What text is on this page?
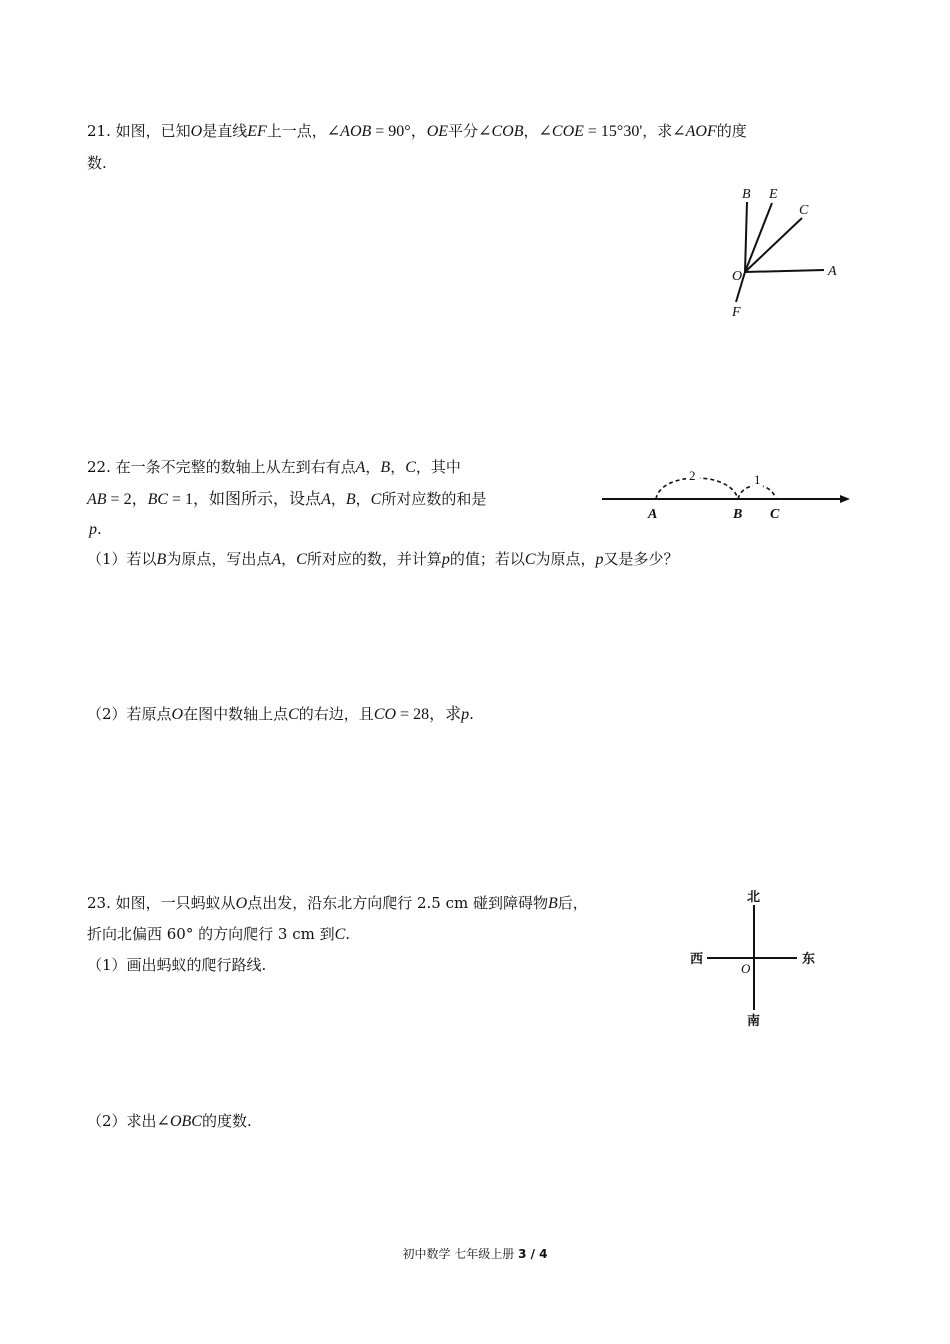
21. 如图，已知O是直线EF上一点，∠AOB = 90°，OE平分∠COB，∠COE = 15°30'，求∠AOF的度
数.
B E
C
O	A
F
22. 在一条不完整的数轴上从左到右有点A，B，C，其中
AB = 2，BC = 1，如图所示，设点A，B，C所对应数的和是
p.
2	1
A	B C
（1）若以B为原点，写出点A，C所对应的数，并计算p的值；若以C为原点，p又是多少？
（2）若原点O在图中数轴上点C的右边，且CO = 28，求p.
23. 如图，一只蚂蚁从O点出发，沿东北方向爬行 2.5 cm 碰到障碍物B后，
折向北偏西 60° 的方向爬行 3 cm 到C.
（1）画出蚂蚁的爬行路线.
北
南
西	东
O
（2）求出∠OBC的度数.
初中数学 七年级上册 3 / 4
